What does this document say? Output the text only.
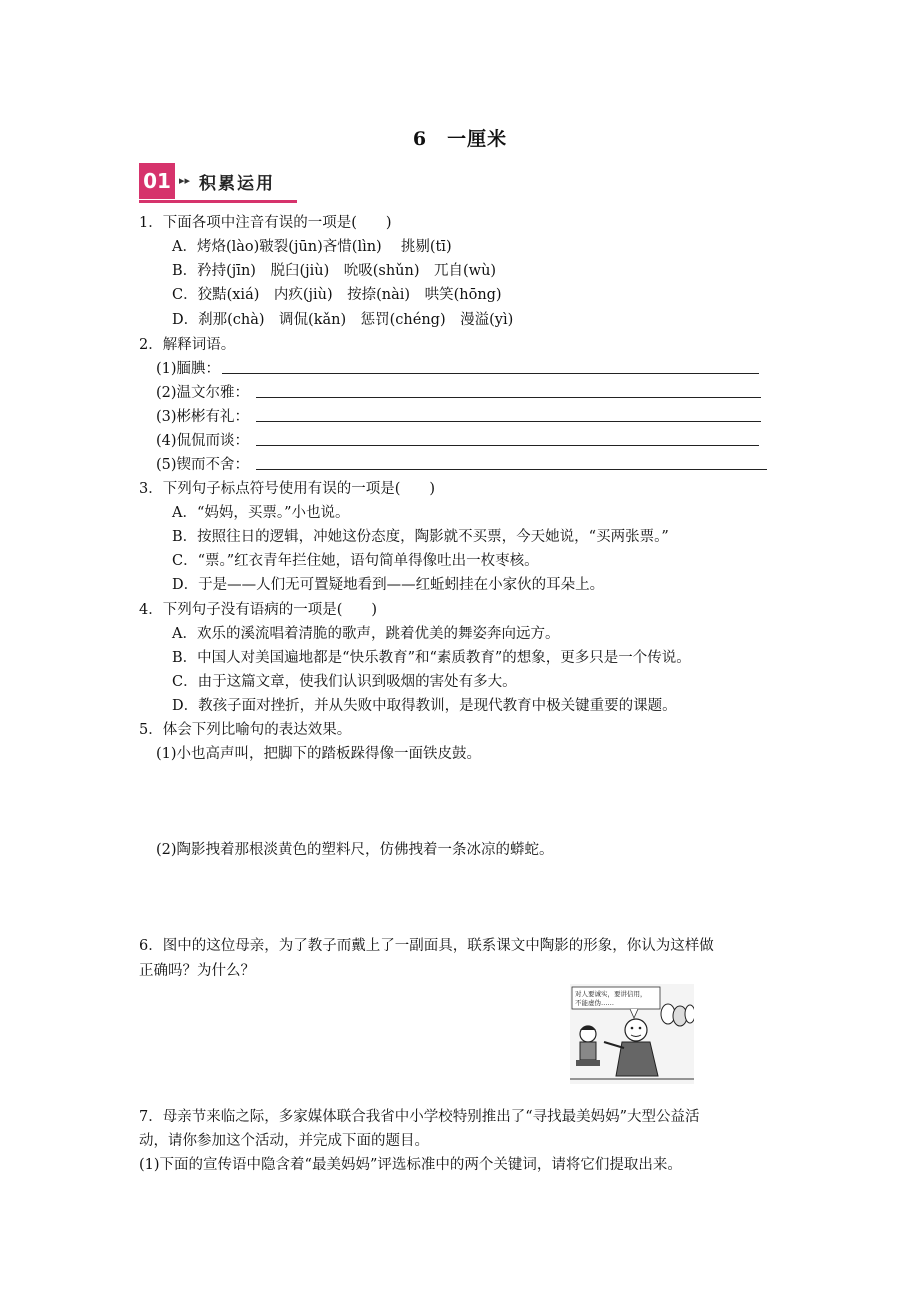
6　一厘米
01 ▸▸ 积累运用
1．下面各项中注音有误的一项是(　　)
A．烤烙(lào)皲裂(jūn)吝惜(lìn)　 挑剔(tī)
B．矜持(jīn)　脱臼(jiù)　吮吸(shǔn)　兀自(wù)
C．狡黠(xiá)　内疚(jiù)　按捺(nài)　哄笑(hōng)
D．刹那(chà)　调侃(kǎn)　惩罚(chéng)　漫溢(yì)
2．解释词语。
(1)腼腆：
(2)温文尔雅：
(3)彬彬有礼：
(4)侃侃而谈：
(5)锲而不舍：
3．下列句子标点符号使用有误的一项是(　　)
A．“妈妈，买票。”小也说。
B．按照往日的逻辑，冲她这份态度，陶影就不买票，今天她说，“买两张票。”
C．“票。”红衣青年拦住她，语句简单得像吐出一枚枣核。
D．于是——人们无可置疑地看到——红蚯蚓挂在小家伙的耳朵上。
4．下列句子没有语病的一项是(　　)
A．欢乐的溪流唱着清脆的歌声，跳着优美的舞姿奔向远方。
B．中国人对美国遍地都是“快乐教育”和“素质教育”的想象，更多只是一个传说。
C．由于这篇文章，使我们认识到吸烟的害处有多大。
D．教孩子面对挫折，并从失败中取得教训，是现代教育中极关键重要的课题。
5．体会下列比喻句的表达效果。
(1)小也高声叫，把脚下的踏板跺得像一面铁皮鼓。
(2)陶影拽着那根淡黄色的塑料尺，仿佛拽着一条冰凉的蟒蛇。
6．图中的这位母亲，为了教子而戴上了一副面具，联系课文中陶影的形象，你认为这样做
正确吗？为什么？
对人要诚实，要讲信用，
不能虚伪……
7．母亲节来临之际，多家媒体联合我省中小学校特别推出了“寻找最美妈妈”大型公益活
动，请你参加这个活动，并完成下面的题目。
(1)下面的宣传语中隐含着“最美妈妈”评选标准中的两个关键词，请将它们提取出来。
